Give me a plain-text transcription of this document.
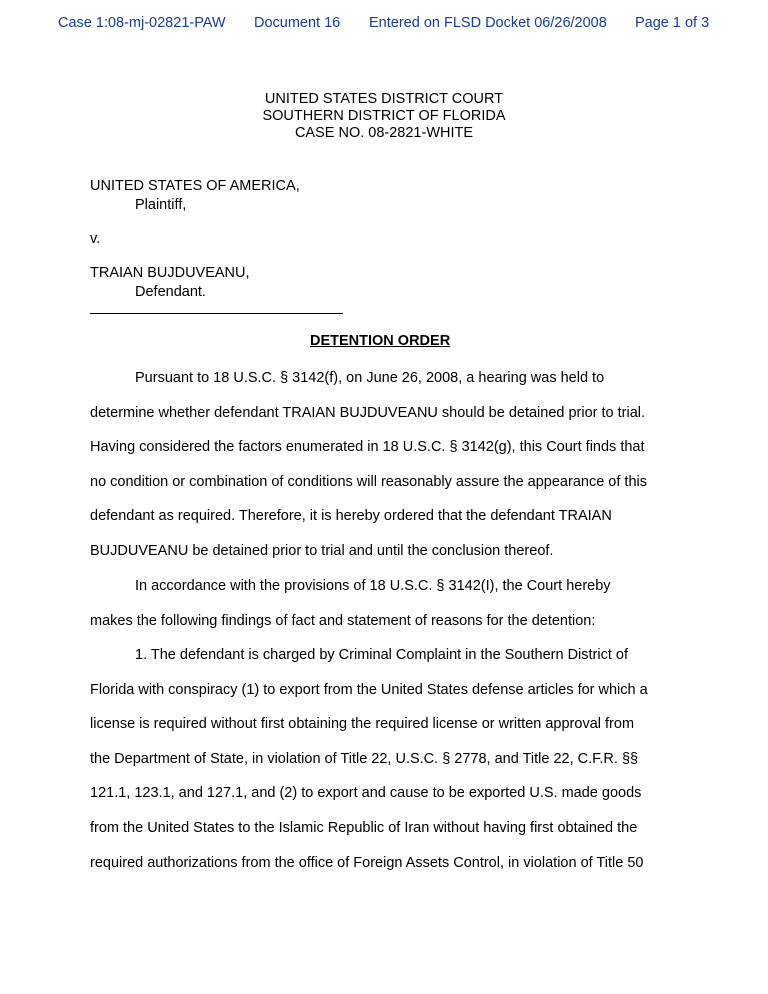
Case 1:08-mj-02821-PAW Document 16 Entered on FLSD Docket 06/26/2008 Page 1 of 3
UNITED STATES DISTRICT COURT
SOUTHERN DISTRICT OF FLORIDA
CASE NO. 08-2821-WHITE
UNITED STATES OF AMERICA,
Plaintiff,
v.
TRAIAN BUJDUVEANU,
Defendant.
DETENTION ORDER
Pursuant to 18 U.S.C. § 3142(f), on June 26, 2008, a hearing was held to
determine whether defendant TRAIAN BUJDUVEANU should be detained prior to trial.
Having considered the factors enumerated in 18 U.S.C. § 3142(g), this Court finds that
no condition or combination of conditions will reasonably assure the appearance of this
defendant as required. Therefore, it is hereby ordered that the defendant TRAIAN
BUJDUVEANU be detained prior to trial and until the conclusion thereof.
In accordance with the provisions of 18 U.S.C. § 3142(I), the Court hereby
makes the following findings of fact and statement of reasons for the detention:
1. The defendant is charged by Criminal Complaint in the Southern District of
Florida with conspiracy (1) to export from the United States defense articles for which a
license is required without first obtaining the required license or written approval from
the Department of State, in violation of Title 22, U.S.C. § 2778, and Title 22, C.F.R. §§
121.1, 123.1, and 127.1, and (2) to export and cause to be exported U.S. made goods
from the United States to the Islamic Republic of Iran without having first obtained the
required authorizations from the office of Foreign Assets Control, in violation of Title 50
